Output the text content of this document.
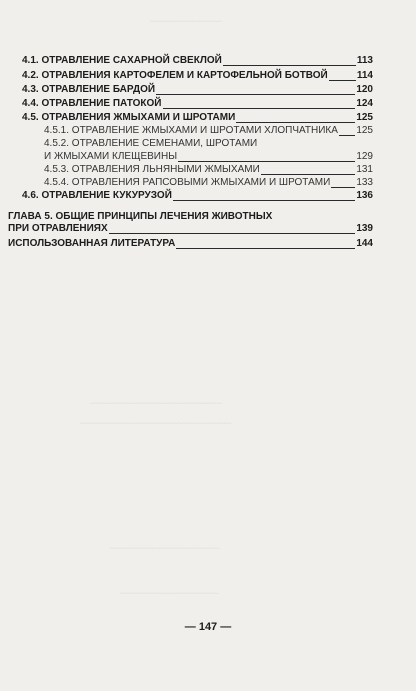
~~~~~~~~~~~~~~~~~~~
~~~~~~~~~~~~~~~~~~~~~~~~~~~~~~~~~~~
~~~~~~~~~~~~~~~~~~~~~~~~~~~~~~~~~~~~~~~~
~~~~~~~~~~~~~~~~~~~~~~~~~~~~~
~~~~~~~~~~~~~~~~~~~~~~~~~~
4.1. ОТРАВЛЕНИЕ САХАРНОЙ СВЕКЛОЙ	113
4.2. ОТРАВЛЕНИЯ КАРТОФЕЛЕМ И КАРТОФЕЛЬНОЙ БОТВОЙ	114
4.3. ОТРАВЛЕНИЕ БАРДОЙ	120
4.4. ОТРАВЛЕНИЕ ПАТОКОЙ	124
4.5. ОТРАВЛЕНИЯ ЖМЫХАМИ И ШРОТАМИ	125
4.5.1. ОТРАВЛЕНИЕ ЖМЫХАМИ И ШРОТАМИ ХЛОПЧАТНИКА 125
4.5.2. ОТРАВЛЕНИЕ СЕМЕНАМИ, ШРОТАМИ
И ЖМЫХАМИ КЛЕЩЕВИНЫ	129
4.5.3. ОТРАВЛЕНИЯ ЛЬНЯНЫМИ ЖМЫХАМИ	131
4.5.4. ОТРАВЛЕНИЯ РАПСОВЫМИ ЖМЫХАМИ И ШРОТАМИ	133
4.6. ОТРАВЛЕНИЕ КУКУРУЗОЙ	136
ГЛАВА 5. ОБЩИЕ ПРИНЦИПЫ ЛЕЧЕНИЯ ЖИВОТНЫХ
ПРИ ОТРАВЛЕНИЯХ	139
ИСПОЛЬЗОВАННАЯ ЛИТЕРАТУРА	144
— 147 —
